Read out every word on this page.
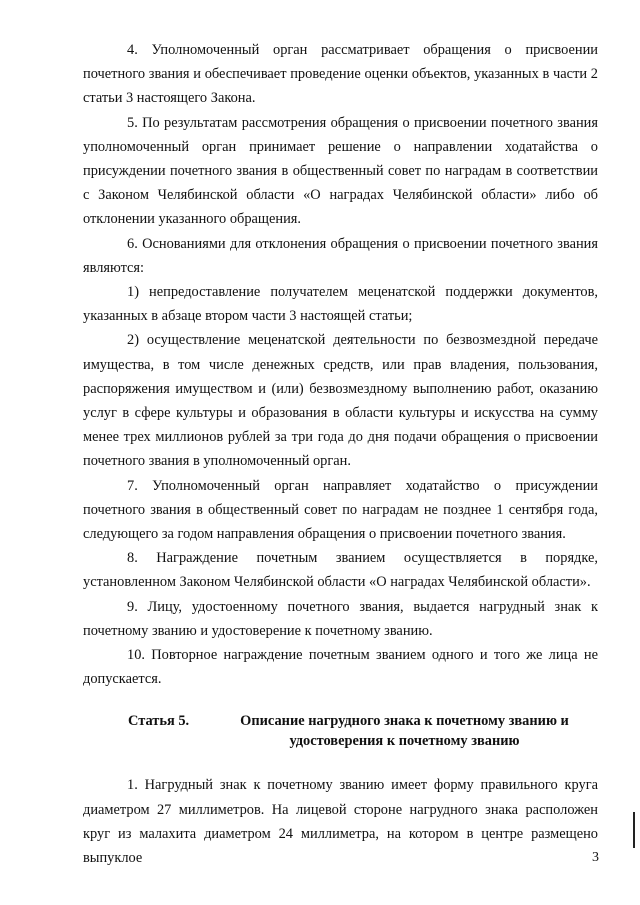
4. Уполномоченный орган рассматривает обращения о присвоении почетного звания и обеспечивает проведение оценки объектов, указанных в части 2 статьи 3 настоящего Закона.

5. По результатам рассмотрения обращения о присвоении почетного звания уполномоченный орган принимает решение о направлении ходатайства о присуждении почетного звания в общественный совет по наградам в соответствии с Законом Челябинской области «О наградах Челябинской области» либо об отклонении указанного обращения.

6. Основаниями для отклонения обращения о присвоении почетного звания являются:

1) непредоставление получателем меценатской поддержки документов, указанных в абзаце втором части 3 настоящей статьи;

2) осуществление меценатской деятельности по безвозмездной передаче имущества, в том числе денежных средств, или прав владения, пользования, распоряжения имуществом и (или) безвозмездному выполнению работ, оказанию услуг в сфере культуры и образования в области культуры и искусства на сумму менее трех миллионов рублей за три года до дня подачи обращения о присвоении почетного звания в уполномоченный орган.

7. Уполномоченный орган направляет ходатайство о присуждении почетного звания в общественный совет по наградам не позднее 1 сентября года, следующего за годом направления обращения о присвоении почетного звания.

8. Награждение почетным званием осуществляется в порядке, установленном Законом Челябинской области «О наградах Челябинской области».

9. Лицу, удостоенному почетного звания, выдается нагрудный знак к почетному званию и удостоверение к почетному званию.

10. Повторное награждение почетным званием одного и того же лица не допускается.

Статья 5.	Описание нагрудного знака к почетному званию и удостоверения к почетному званию

1. Нагрудный знак к почетному званию имеет форму правильного круга диаметром 27 миллиметров. На лицевой стороне нагрудного знака расположен круг из малахита диаметром 24 миллиметра, на котором в центре размещено выпуклое	3
